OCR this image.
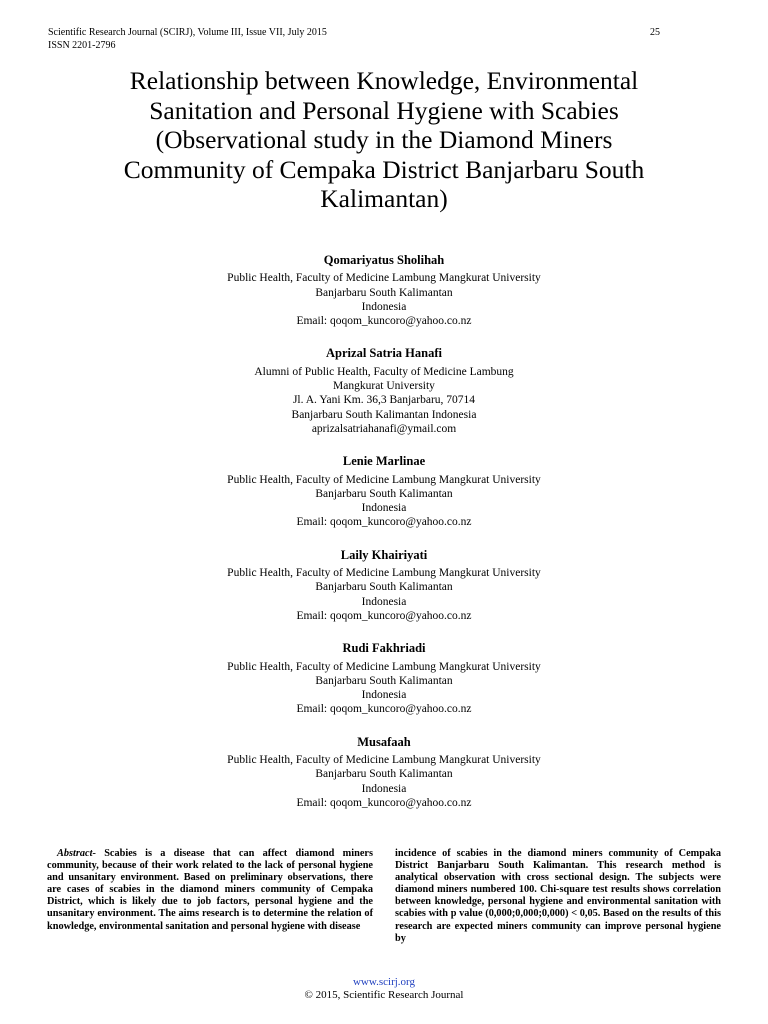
Scientific Research Journal (SCIRJ), Volume III, Issue VII, July 2015
ISSN 2201-2796
25
Relationship between Knowledge, Environmental
Sanitation and Personal Hygiene with Scabies
(Observational study in the Diamond Miners
Community of Cempaka District Banjarbaru South
Kalimantan)
Qomariyatus Sholihah
Public Health, Faculty of Medicine Lambung Mangkurat University
Banjarbaru South Kalimantan
Indonesia
Email: qoqom_kuncoro@yahoo.co.nz
Aprizal Satria Hanafi
Alumni of Public Health, Faculty of Medicine Lambung
Mangkurat University
Jl. A. Yani Km. 36,3 Banjarbaru, 70714
Banjarbaru South Kalimantan Indonesia
aprizalsatriahanafi@ymail.com
Lenie Marlinae
Public Health, Faculty of Medicine Lambung Mangkurat University
Banjarbaru South Kalimantan
Indonesia
Email: qoqom_kuncoro@yahoo.co.nz
Laily Khairiyati
Public Health, Faculty of Medicine Lambung Mangkurat University
Banjarbaru South Kalimantan
Indonesia
Email: qoqom_kuncoro@yahoo.co.nz
Rudi Fakhriadi
Public Health, Faculty of Medicine Lambung Mangkurat University
Banjarbaru South Kalimantan
Indonesia
Email: qoqom_kuncoro@yahoo.co.nz
Musafaah
Public Health, Faculty of Medicine Lambung Mangkurat University
Banjarbaru South Kalimantan
Indonesia
Email: qoqom_kuncoro@yahoo.co.nz

Abstract- Scabies is a disease that can affect diamond miners community, because of their work related to the lack of personal hygiene and unsanitary environment. Based on preliminary observations, there are cases of scabies in the diamond miners community of Cempaka District, which is likely due to job factors, personal hygiene and the unsanitary environment. The aims research is to determine the relation of knowledge, environmental sanitation and personal hygiene with disease

incidence of scabies in the diamond miners community of Cempaka District Banjarbaru South Kalimantan. This research method is analytical observation with cross sectional design. The subjects were diamond miners numbered 100. Chi-square test results shows correlation between knowledge, personal hygiene and environmental sanitation with scabies with p value (0,000;0,000;0,000) < 0,05. Based on the results of this research are expected miners community can improve personal hygiene by

www.scirj.org
© 2015, Scientific Research Journal
